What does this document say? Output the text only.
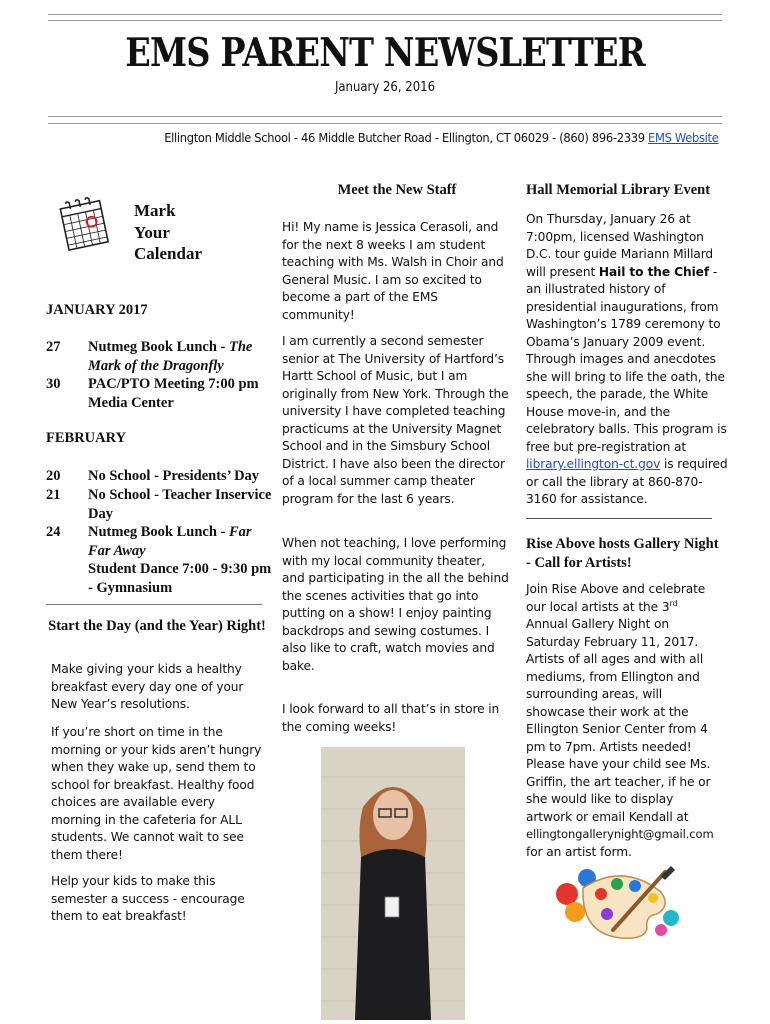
EMS PARENT NEWSLETTER
January 26, 2016
Ellington Middle School - 46 Middle Butcher Road - Ellington, CT 06029 - (860) 896-2339 EMS Website
Mark
Your
Calendar
JANUARY 2017
27	Nutmeg Book Lunch - The Mark of the Dragonfly
30	PAC/PTO Meeting 7:00 pm Media Center
FEBRUARY
20	No School - Presidents’ Day
21	No School - Teacher Inservice Day
24	Nutmeg Book Lunch - Far Far Away
Student Dance 7:00 - 9:30 pm - Gymnasium
Start the Day (and the Year) Right!

Make giving your kids a healthy breakfast every day one of your New Year’s resolutions.

If you’re short on time in the morning or your kids aren’t hungry when they wake up, send them to school for breakfast. Healthy food choices are available every morning in the cafeteria for ALL students. We cannot wait to see them there!

Help your kids to make this semester a success - encourage them to eat breakfast!

Meet the New Staff

Hi! My name is Jessica Cerasoli, and for the next 8 weeks I am student teaching with Ms. Walsh in Choir and General Music. I am so excited to become a part of the EMS community!

I am currently a second semester senior at The University of Hartford’s Hartt School of Music, but I am originally from New York. Through the university I have completed teaching practicums at the University Magnet School and in the Simsbury School District. I have also been the director of a local summer camp theater program for the last 6 years.

When not teaching, I love performing with my local community theater, and participating in the all the behind the scenes activities that go into putting on a show! I enjoy painting backdrops and sewing costumes. I also like to craft, watch movies and bake.

I look forward to all that’s in store in the coming weeks!

Hall Memorial Library Event

On Thursday, January 26 at 7:00pm, licensed Washington D.C. tour guide Mariann Millard will present Hail to the Chief - an illustrated history of presidential inaugurations, from Washington’s 1789 ceremony to Obama’s January 2009 event. Through images and anecdotes she will bring to life the oath, the speech, the parade, the White House move-in, and the celebratory balls. This program is free but pre-registration at library.ellington-ct.gov is required or call the library at 860-870-3160 for assistance.

Rise Above hosts Gallery Night - Call for Artists!

Join Rise Above and celebrate our local artists at the 3rd Annual Gallery Night on Saturday February 11, 2017. Artists of all ages and with all mediums, from Ellington and surrounding areas, will showcase their work at the Ellington Senior Center from 4 pm to 7pm. Artists needed! Please have your child see Ms. Griffin, the art teacher, if he or she would like to display artwork or email Kendall at ellingtongallerynight@gmail.com for an artist form.
